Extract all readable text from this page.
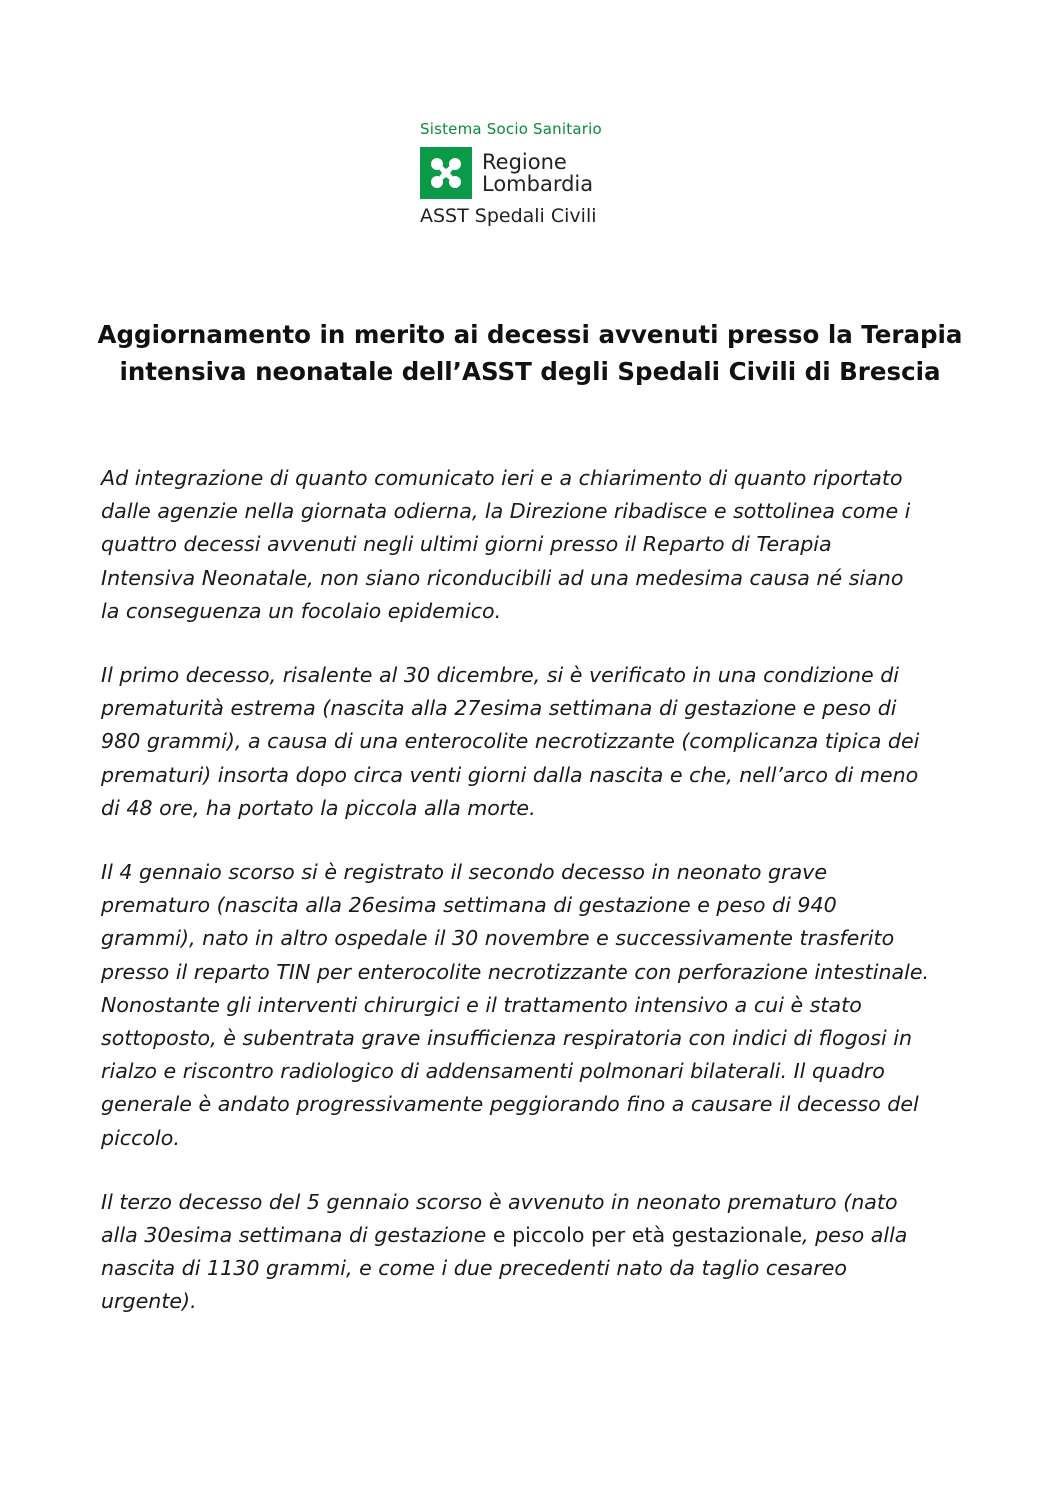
Sistema Socio Sanitario
Regione
Lombardia
ASST Spedali Civili
Aggiornamento in merito ai decessi avvenuti presso la Terapia
intensiva neonatale dell’ASST degli Spedali Civili di Brescia
Ad integrazione di quanto comunicato ieri e a chiarimento di quanto riportato
dalle agenzie nella giornata odierna, la Direzione ribadisce e sottolinea come i
quattro decessi avvenuti negli ultimi giorni presso il Reparto di Terapia
Intensiva Neonatale, non siano riconducibili ad una medesima causa né siano
la conseguenza un focolaio epidemico.
Il primo decesso, risalente al 30 dicembre, si è verificato in una condizione di
prematurità estrema (nascita alla 27esima settimana di gestazione e peso di
980 grammi), a causa di una enterocolite necrotizzante (complicanza tipica dei
prematuri) insorta dopo circa venti giorni dalla nascita e che, nell’arco di meno
di 48 ore, ha portato la piccola alla morte.
Il 4 gennaio scorso si è registrato il secondo decesso in neonato grave
prematuro (nascita alla 26esima settimana di gestazione e peso di 940
grammi), nato in altro ospedale il 30 novembre e successivamente trasferito
presso il reparto TIN per enterocolite necrotizzante con perforazione intestinale.
Nonostante gli interventi chirurgici e il trattamento intensivo a cui è stato
sottoposto, è subentrata grave insufficienza respiratoria con indici di flogosi in
rialzo e riscontro radiologico di addensamenti polmonari bilaterali. Il quadro
generale è andato progressivamente peggiorando fino a causare il decesso del
piccolo.
Il terzo decesso del 5 gennaio scorso è avvenuto in neonato prematuro (nato
alla 30esima settimana di gestazione e piccolo per età gestazionale, peso alla
nascita di 1130 grammi, e come i due precedenti nato da taglio cesareo
urgente).
